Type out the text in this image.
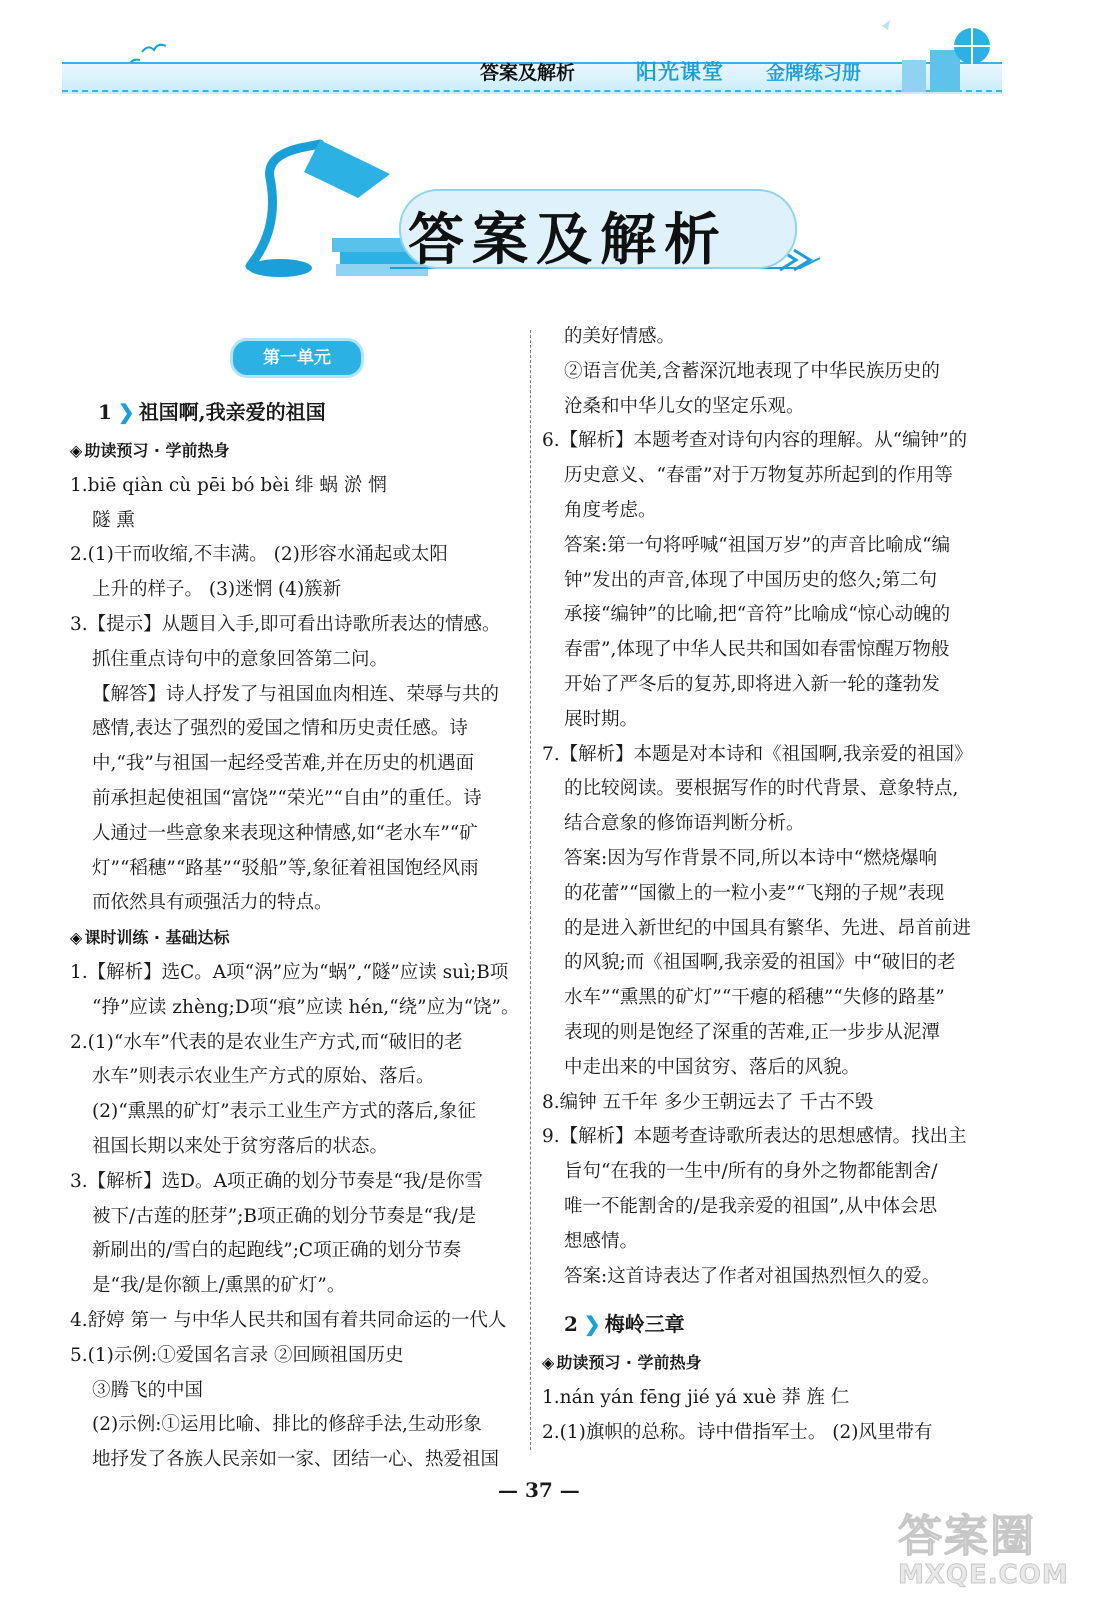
答案及解析	阳光课堂 金牌练习册
答案及解析
第一单元
1 ❯ 祖国啊,我亲爱的祖国
◈ 助读预习 · 学前热身
1.biē qiàn cù pēi bó bèi 绯 蜗 淤 惘
隧 熏
2.(1)干而收缩,不丰满。 (2)形容水涌起或太阳
上升的样子。 (3)迷惘 (4)簇新
3.【提示】从题目入手,即可看出诗歌所表达的情感。
抓住重点诗句中的意象回答第二问。
【解答】诗人抒发了与祖国血肉相连、荣辱与共的
感情,表达了强烈的爱国之情和历史责任感。诗
中,“我”与祖国一起经受苦难,并在历史的机遇面
前承担起使祖国“富饶”“荣光”“自由”的重任。诗
人通过一些意象来表现这种情感,如“老水车”“矿
灯”“稻穗”“路基”“驳船”等,象征着祖国饱经风雨
而依然具有顽强活力的特点。
◈ 课时训练 · 基础达标
1.【解析】选C。A项“涡”应为“蜗”,“隧”应读 suì;B项
“挣”应读 zhèng;D项“痕”应读 hén,“绕”应为“饶”。
2.(1)“水车”代表的是农业生产方式,而“破旧的老
水车”则表示农业生产方式的原始、落后。
(2)“熏黑的矿灯”表示工业生产方式的落后,象征
祖国长期以来处于贫穷落后的状态。
3.【解析】选D。A项正确的划分节奏是“我/是你雪
被下/古莲的胚芽”;B项正确的划分节奏是“我/是
新刷出的/雪白的起跑线”;C项正确的划分节奏
是“我/是你额上/熏黑的矿灯”。
4.舒婷 第一 与中华人民共和国有着共同命运的一代人
5.(1)示例:①爱国名言录 ②回顾祖国历史
③腾飞的中国
(2)示例:①运用比喻、排比的修辞手法,生动形象
地抒发了各族人民亲如一家、团结一心、热爱祖国
的美好情感。
②语言优美,含蓄深沉地表现了中华民族历史的
沧桑和中华儿女的坚定乐观。
6.【解析】本题考查对诗句内容的理解。从“编钟”的
历史意义、“春雷”对于万物复苏所起到的作用等
角度考虑。
答案:第一句将呼喊“祖国万岁”的声音比喻成“编
钟”发出的声音,体现了中国历史的悠久;第二句
承接“编钟”的比喻,把“音符”比喻成“惊心动魄的
春雷”,体现了中华人民共和国如春雷惊醒万物般
开始了严冬后的复苏,即将进入新一轮的蓬勃发
展时期。
7.【解析】本题是对本诗和《祖国啊,我亲爱的祖国》
的比较阅读。要根据写作的时代背景、意象特点,
结合意象的修饰语判断分析。
答案:因为写作背景不同,所以本诗中“燃烧爆响
的花蕾”“国徽上的一粒小麦”“飞翔的子规”表现
的是进入新世纪的中国具有繁华、先进、昂首前进
的风貌;而《祖国啊,我亲爱的祖国》中“破旧的老
水车”“熏黑的矿灯”“干瘪的稻穗”“失修的路基”
表现的则是饱经了深重的苦难,正一步步从泥潭
中走出来的中国贫穷、落后的风貌。
8.编钟 五千年 多少王朝远去了 千古不毁
9.【解析】本题考查诗歌所表达的思想感情。找出主
旨句“在我的一生中/所有的身外之物都能割舍/
唯一不能割舍的/是我亲爱的祖国”,从中体会思
想感情。
答案:这首诗表达了作者对祖国热烈恒久的爱。
2 ❯ 梅岭三章
◈ 助读预习 · 学前热身
1.nán yán fēng jié yá xuè 莽 旌 仁
2.(1)旗帜的总称。诗中借指军士。 (2)风里带有
— 37 —
答案圈
MXQE.COM
